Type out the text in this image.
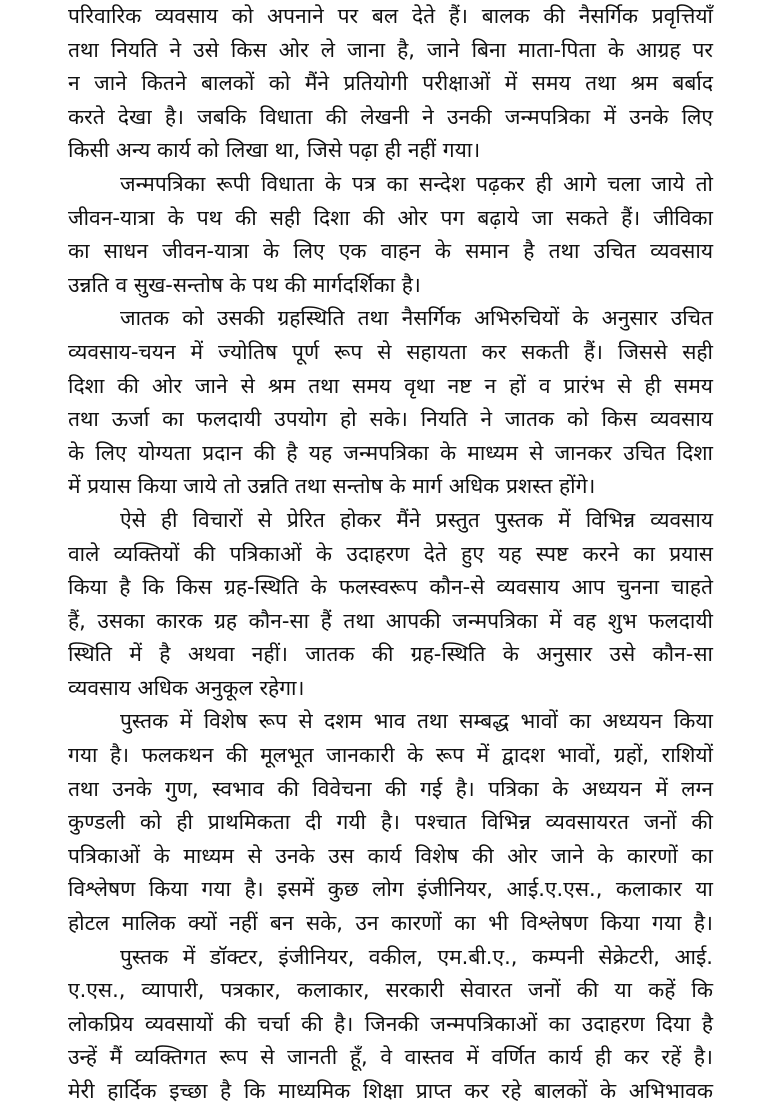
परिवारिक व्यवसाय को अपनाने पर बल देते हैं। बालक की नैसर्गिक प्रवृत्तियाँ
तथा नियति ने उसे किस ओर ले जाना है, जाने बिना माता-पिता के आग्रह पर
न जाने कितने बालकों को मैंने प्रतियोगी परीक्षाओं में समय तथा श्रम बर्बाद
करते देखा है। जबकि विधाता की लेखनी ने उनकी जन्मपत्रिका में उनके लिए
किसी अन्य कार्य को लिखा था, जिसे पढ़ा ही नहीं गया।
जन्मपत्रिका रूपी विधाता के पत्र का सन्देश पढ़कर ही आगे चला जाये तो
जीवन-यात्रा के पथ की सही दिशा की ओर पग बढ़ाये जा सकते हैं। जीविका
का साधन जीवन-यात्रा के लिए एक वाहन के समान है तथा उचित व्यवसाय
उन्नति व सुख-सन्तोष के पथ की मार्गदर्शिका है।
जातक को उसकी ग्रहस्थिति तथा नैसर्गिक अभिरुचियों के अनुसार उचित
व्यवसाय-चयन में ज्योतिष पूर्ण रूप से सहायता कर सकती हैं। जिससे सही
दिशा की ओर जाने से श्रम तथा समय वृथा नष्ट न हों व प्रारंभ से ही समय
तथा ऊर्जा का फलदायी उपयोग हो सके। नियति ने जातक को किस व्यवसाय
के लिए योग्यता प्रदान की है यह जन्मपत्रिका के माध्यम से जानकर उचित दिशा
में प्रयास किया जाये तो उन्नति तथा सन्तोष के मार्ग अधिक प्रशस्त होंगे।
ऐसे ही विचारों से प्रेरित होकर मैंने प्रस्तुत पुस्तक में विभिन्न व्यवसाय
वाले व्यक्तियों की पत्रिकाओं के उदाहरण देते हुए यह स्पष्ट करने का प्रयास
किया है कि किस ग्रह-स्थिति के फलस्वरूप कौन-से व्यवसाय आप चुनना चाहते
हैं, उसका कारक ग्रह कौन-सा हैं तथा आपकी जन्मपत्रिका में वह शुभ फलदायी
स्थिति में है अथवा नहीं। जातक की ग्रह-स्थिति के अनुसार उसे कौन-सा
व्यवसाय अधिक अनुकूल रहेगा।
पुस्तक में विशेष रूप से दशम भाव तथा सम्बद्ध भावों का अध्ययन किया
गया है। फलकथन की मूलभूत जानकारी के रूप में द्वादश भावों, ग्रहों, राशियों
तथा उनके गुण, स्वभाव की विवेचना की गई है। पत्रिका के अध्ययन में लग्न
कुण्डली को ही प्राथमिकता दी गयी है। पश्चात विभिन्न व्यवसायरत जनों की
पत्रिकाओं के माध्यम से उनके उस कार्य विशेष की ओर जाने के कारणों का
विश्लेषण किया गया है। इसमें कुछ लोग इंजीनियर, आई.ए.एस., कलाकार या
होटल मालिक क्यों नहीं बन सके, उन कारणों का भी विश्लेषण किया गया है।
पुस्तक में डॉक्टर, इंजीनियर, वकील, एम.बी.ए., कम्पनी सेक्रेटरी, आई.
ए.एस., व्यापारी, पत्रकार, कलाकार, सरकारी सेवारत जनों की या कहें कि
लोकप्रिय व्यवसायों की चर्चा की है। जिनकी जन्मपत्रिकाओं का उदाहरण दिया है
उन्हें मैं व्यक्तिगत रूप से जानती हूँ, वे वास्तव में वर्णित कार्य ही कर रहें है।
मेरी हार्दिक इच्छा है कि माध्यमिक शिक्षा प्राप्त कर रहे बालकों के अभिभावक
